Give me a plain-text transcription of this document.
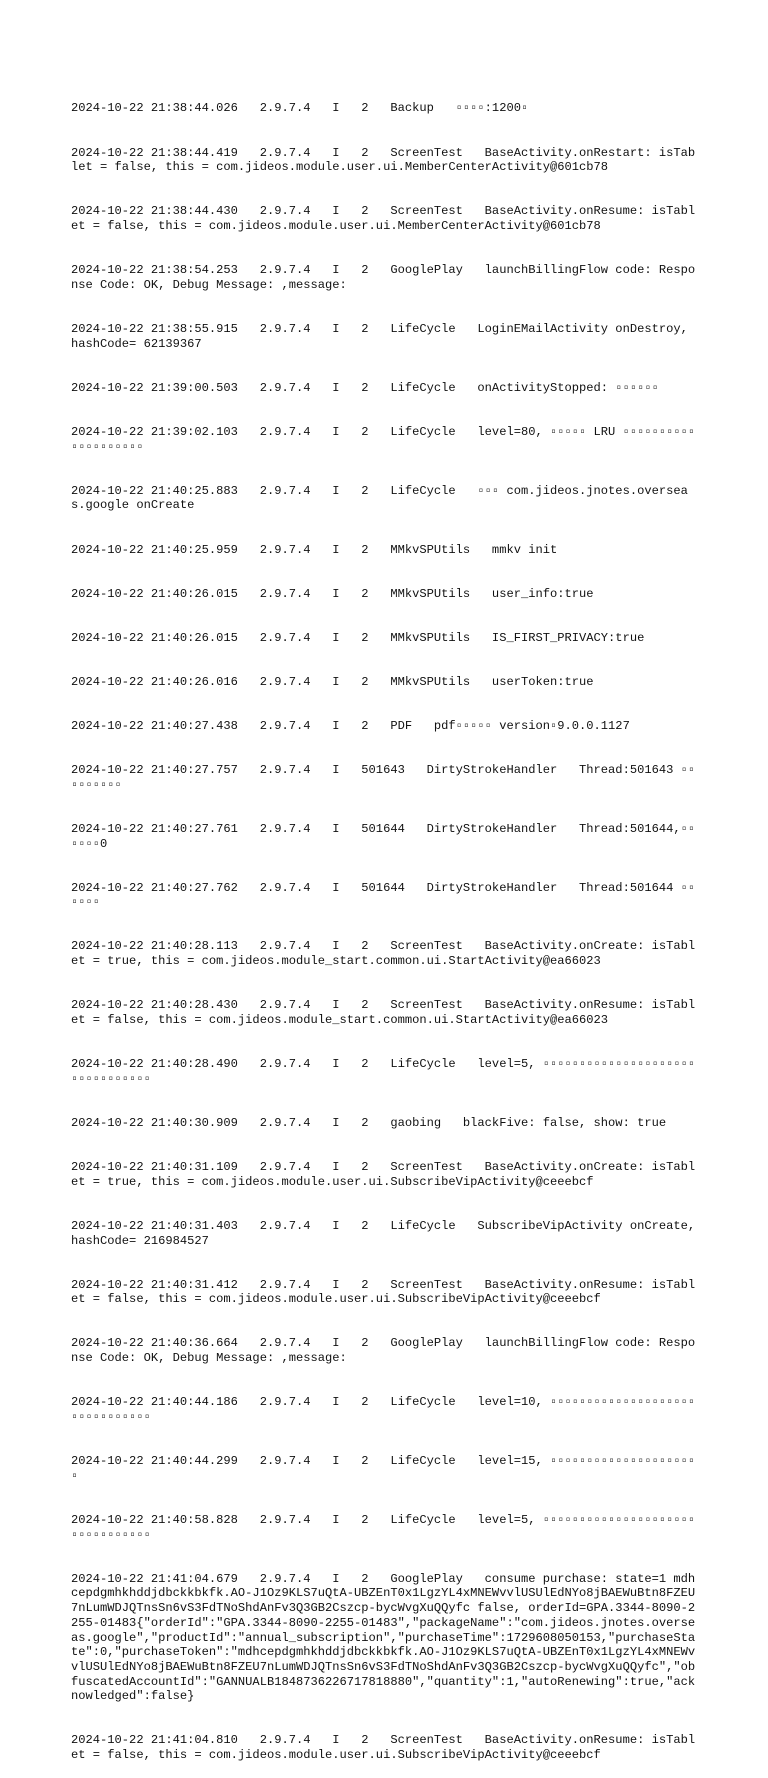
2024-10-22 21:38:44.026   2.9.7.4   I   2   Backup   ▫▫▫▫:1200▫

2024-10-22 21:38:44.419   2.9.7.4   I   2   ScreenTest   BaseActivity.onRestart: isTablet = false, this = com.jideos.module.user.ui.MemberCenterActivity@601cb78

2024-10-22 21:38:44.430   2.9.7.4   I   2   ScreenTest   BaseActivity.onResume: isTablet = false, this = com.jideos.module.user.ui.MemberCenterActivity@601cb78

2024-10-22 21:38:54.253   2.9.7.4   I   2   GooglePlay   launchBillingFlow code: Response Code: OK, Debug Message: ,message:

2024-10-22 21:38:55.915   2.9.7.4   I   2   LifeCycle   LoginEMailActivity onDestroy, hashCode= 62139367

2024-10-22 21:39:00.503   2.9.7.4   I   2   LifeCycle   onActivityStopped: ▫▫▫▫▫▫

2024-10-22 21:39:02.103   2.9.7.4   I   2   LifeCycle   level=80, ▫▫▫▫▫ LRU ▫▫▫▫▫▫▫▫▫▫▫▫▫▫▫▫▫▫▫▫

2024-10-22 21:40:25.883   2.9.7.4   I   2   LifeCycle   ▫▫▫ com.jideos.jnotes.overseas.google onCreate

2024-10-22 21:40:25.959   2.9.7.4   I   2   MMkvSPUtils   mmkv init

2024-10-22 21:40:26.015   2.9.7.4   I   2   MMkvSPUtils   user_info:true

2024-10-22 21:40:26.015   2.9.7.4   I   2   MMkvSPUtils   IS_FIRST_PRIVACY:true

2024-10-22 21:40:26.016   2.9.7.4   I   2   MMkvSPUtils   userToken:true

2024-10-22 21:40:27.438   2.9.7.4   I   2   PDF   pdf▫▫▫▫▫ version▫9.0.0.1127

2024-10-22 21:40:27.757   2.9.7.4   I   501643   DirtyStrokeHandler   Thread:501643 ▫▫▫▫▫▫▫▫▫

2024-10-22 21:40:27.761   2.9.7.4   I   501644   DirtyStrokeHandler   Thread:501644,▫▫▫▫▫▫0

2024-10-22 21:40:27.762   2.9.7.4   I   501644   DirtyStrokeHandler   Thread:501644 ▫▫▫▫▫▫

2024-10-22 21:40:28.113   2.9.7.4   I   2   ScreenTest   BaseActivity.onCreate: isTablet = true, this = com.jideos.module_start.common.ui.StartActivity@ea66023

2024-10-22 21:40:28.430   2.9.7.4   I   2   ScreenTest   BaseActivity.onResume: isTablet = false, this = com.jideos.module_start.common.ui.StartActivity@ea66023

2024-10-22 21:40:28.490   2.9.7.4   I   2   LifeCycle   level=5, ▫▫▫▫▫▫▫▫▫▫▫▫▫▫▫▫▫▫▫▫▫▫▫▫▫▫▫▫▫▫▫▫

2024-10-22 21:40:30.909   2.9.7.4   I   2   gaobing   blackFive: false, show: true

2024-10-22 21:40:31.109   2.9.7.4   I   2   ScreenTest   BaseActivity.onCreate: isTablet = true, this = com.jideos.module.user.ui.SubscribeVipActivity@ceeebcf

2024-10-22 21:40:31.403   2.9.7.4   I   2   LifeCycle   SubscribeVipActivity onCreate, hashCode= 216984527

2024-10-22 21:40:31.412   2.9.7.4   I   2   ScreenTest   BaseActivity.onResume: isTablet = false, this = com.jideos.module.user.ui.SubscribeVipActivity@ceeebcf

2024-10-22 21:40:36.664   2.9.7.4   I   2   GooglePlay   launchBillingFlow code: Response Code: OK, Debug Message: ,message:

2024-10-22 21:40:44.186   2.9.7.4   I   2   LifeCycle   level=10, ▫▫▫▫▫▫▫▫▫▫▫▫▫▫▫▫▫▫▫▫▫▫▫▫▫▫▫▫▫▫▫

2024-10-22 21:40:44.299   2.9.7.4   I   2   LifeCycle   level=15, ▫▫▫▫▫▫▫▫▫▫▫▫▫▫▫▫▫▫▫▫▫

2024-10-22 21:40:58.828   2.9.7.4   I   2   LifeCycle   level=5, ▫▫▫▫▫▫▫▫▫▫▫▫▫▫▫▫▫▫▫▫▫▫▫▫▫▫▫▫▫▫▫▫

2024-10-22 21:41:04.679   2.9.7.4   I   2   GooglePlay   consume purchase: state=1 mdhcepdgmhkhddjdbckkbkfk.AO-J1Oz9KLS7uQtA-UBZEnT0x1LgzYL4xMNEWvvlUSUlEdNYo8jBAEWuBtn8FZEU7nLumWDJQTnsSn6vS3FdTNoShdAnFv3Q3GB2Cszcp-bycWvgXuQQyfc false, orderId=GPA.3344-8090-2255-01483{"orderId":"GPA.3344-8090-2255-01483","packageName":"com.jideos.jnotes.overseas.google","productId":"annual_subscription","purchaseTime":1729608050153,"purchaseState":0,"purchaseToken":"mdhcepdgmhkhddjdbckkbkfk.AO-J1Oz9KLS7uQtA-UBZEnT0x1LgzYL4xMNEWvvlUSUlEdNYo8jBAEWuBtn8FZEU7nLumWDJQTnsSn6vS3FdTNoShdAnFv3Q3GB2Cszcp-bycWvgXuQQyfc","obfuscatedAccountId":"GANNUALB1848736226717818880","quantity":1,"autoRenewing":true,"acknowledged":false}

2024-10-22 21:41:04.810   2.9.7.4   I   2   ScreenTest   BaseActivity.onResume: isTablet = false, this = com.jideos.module.user.ui.SubscribeVipActivity@ceeebcf
